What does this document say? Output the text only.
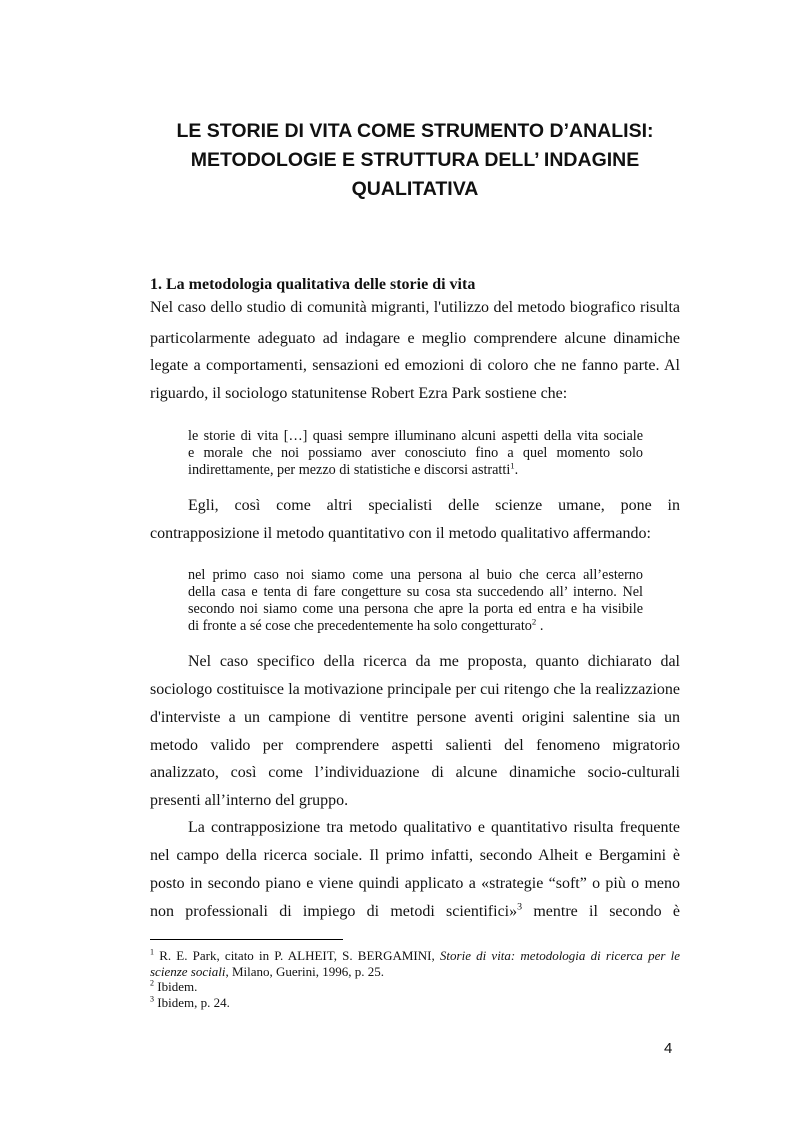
LE STORIE DI VITA COME STRUMENTO D’ANALISI:
METODOLOGIE E STRUTTURA DELL’ INDAGINE
QUALITATIVA
1. La metodologia qualitativa delle storie di vita
Nel caso dello studio di comunità migranti, l'utilizzo del metodo biografico risulta
particolarmente adeguato ad indagare e meglio comprendere alcune dinamiche
legate a comportamenti, sensazioni ed emozioni di coloro che ne fanno parte. Al
riguardo, il sociologo statunitense Robert Ezra Park sostiene che:
le storie di vita […] quasi sempre illuminano alcuni aspetti della vita sociale
e morale che noi possiamo aver conosciuto fino a quel momento solo
indirettamente, per mezzo di statistiche e discorsi astratti$^1$.
Egli, così come altri specialisti delle scienze umane, pone in
contrapposizione il metodo quantitativo con il metodo qualitativo affermando:
nel primo caso noi siamo come una persona al buio che cerca all’esterno
della casa e tenta di fare congetture su cosa sta succedendo all’ interno. Nel
secondo noi siamo come una persona che apre la porta ed entra e ha visibile
di fronte a sé cose che precedentemente ha solo congetturato$^2$ .
Nel caso specifico della ricerca da me proposta, quanto dichiarato dal
sociologo costituisce la motivazione principale per cui ritengo che la realizzazione
d'interviste a un campione di ventitre persone aventi origini salentine sia un
metodo valido per comprendere aspetti salienti del fenomeno migratorio
analizzato, così come l’individuazione di alcune dinamiche socio-culturali
presenti all’interno del gruppo.
La contrapposizione tra metodo qualitativo e quantitativo risulta frequente
nel campo della ricerca sociale. Il primo infatti, secondo Alheit e Bergamini è
posto in secondo piano e viene quindi applicato a «strategie “soft” o più o meno
non professionali di impiego di metodi scientifici»$^3$ mentre il secondo è
$^1$ R. E. Park, citato in P. ALHEIT, S. BERGAMINI, Storie di vita: metodologia di ricerca per le
scienze sociali, Milano, Guerini, 1996, p. 25.
$^2$ Ibidem.
$^3$ Ibidem, p. 24.
4
